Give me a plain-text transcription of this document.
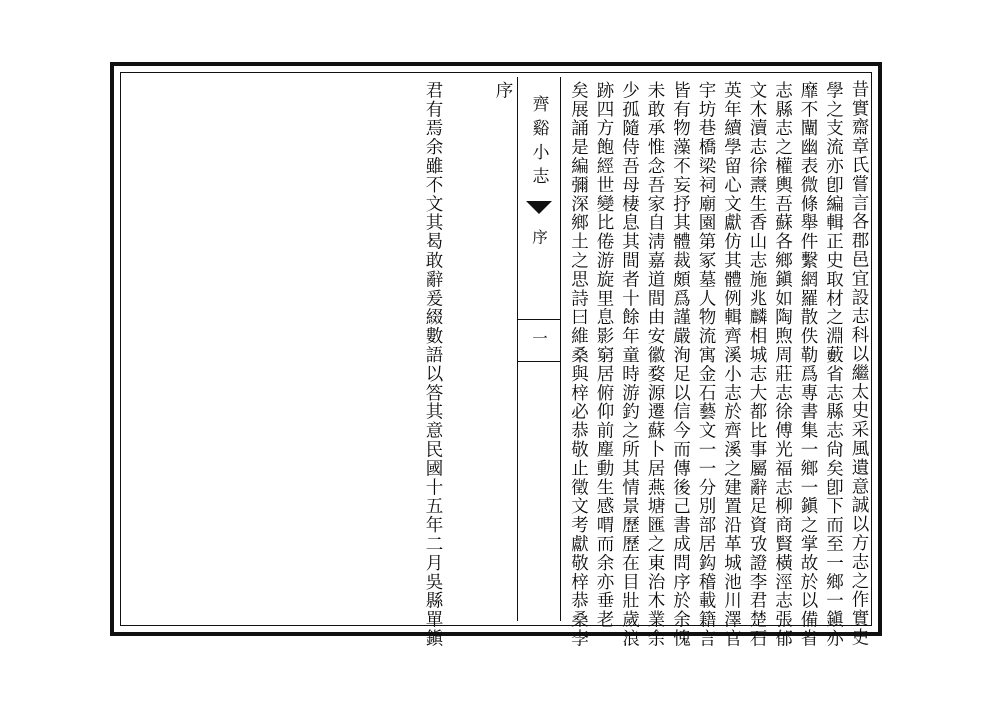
昔實齋章氏嘗言各郡邑宜設志科以繼太史采風遺意誠以方志之作實史
學之支流亦卽編輯正史取材之淵藪省志縣志尙矣卽下而至一鄉一鎭亦
靡不闡幽表微條舉件繫網羅散佚勒爲專書集一鄉一鎭之掌故於以備省
志縣志之權輿吾蘇各鄉鎭如陶煦周莊志徐傅光福志柳商賢橫涇志張郁
文木瀆志徐燾生香山志施兆麟相城志大都比事屬辭足資攷證李君楚石
英年續學留心文獻仿其體例輯齊溪小志於齊溪之建置沿革城池川澤官
宇坊巷橋梁祠廟園第冢墓人物流寓金石藝文一一分別部居鈎稽載籍言
皆有物藻不妄抒其體裁頗爲謹嚴洵足以信今而傳後己書成問序於余愧
未敢承惟念吾家自淸嘉道間由安徽婺源遷蘇卜居燕塘匯之東治木業余
少孤隨侍吾母棲息其間者十餘年童時游釣之所其情景歷歷在目壯歲浪
跡四方飽經世變比倦游旋里息影窮居俯仰前塵動生感喟而余亦垂老
矣展誦是編彌深鄉土之思詩曰維桑與梓必恭敬止徵文考獻敬梓恭桑李
齊谿小志
序
一
序
君有焉余雖不文其曷敢辭爰綴數語以答其意民國十五年二月吳縣單鎭
